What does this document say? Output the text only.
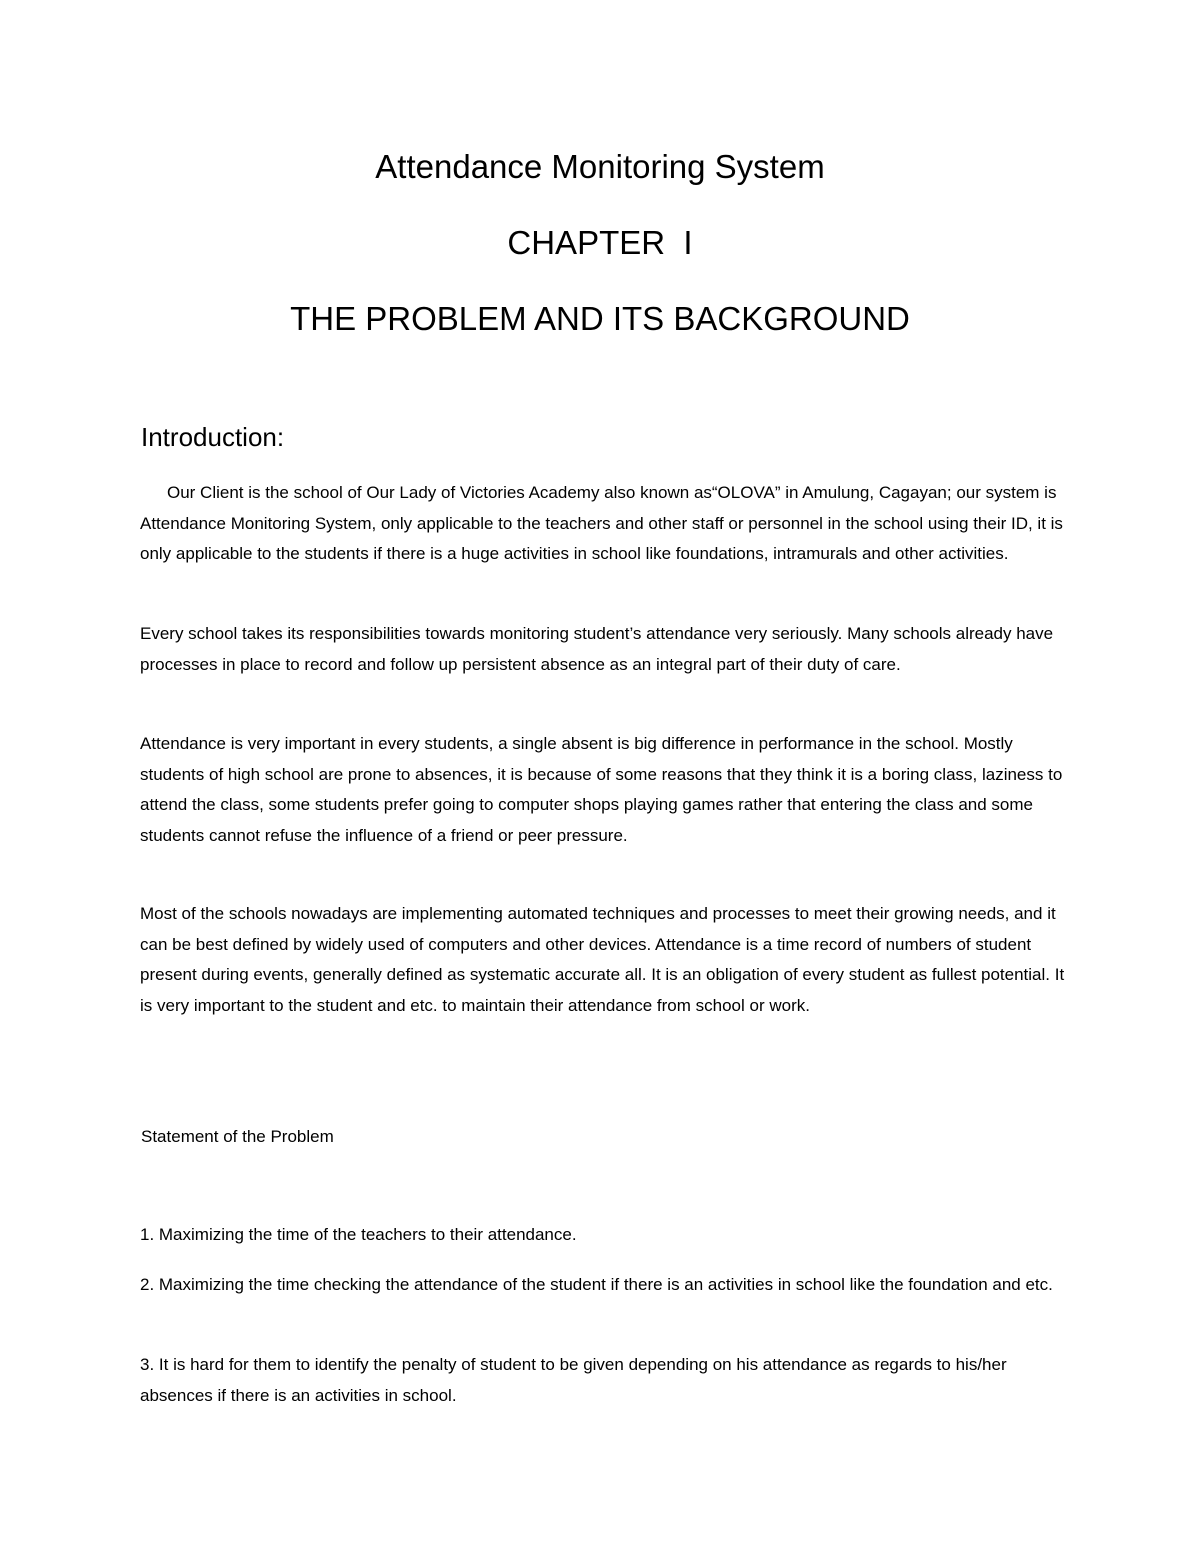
Attendance Monitoring System
CHAPTER  I
THE PROBLEM AND ITS BACKGROUND
Introduction:

Our Client is the school of Our Lady of Victories Academy also known as“OLOVA” in Amulung, Cagayan; our system is Attendance Monitoring System, only applicable to the teachers and other staff or personnel in the school using their ID, it is only applicable to the students if there is a huge activities in school like foundations, intramurals and other activities.

Every school takes its responsibilities towards monitoring student’s attendance very seriously. Many schools already have processes in place to record and follow up persistent absence as an integral part of their duty of care.

Attendance is very important in every students, a single absent is big difference in performance in the school. Mostly students of high school are prone to absences, it is because of some reasons that they think it is a boring class, laziness to attend the class, some students prefer going to computer shops playing games rather that entering the class and some students cannot refuse the influence of a friend or peer pressure.

Most of the schools nowadays are implementing automated techniques and processes to meet their growing needs, and it can be best defined by widely used of computers and other devices. Attendance is a time record of numbers of student present during events, generally defined as systematic accurate all. It is an obligation of every student as fullest potential. It is very important to the student and etc. to maintain their attendance from school or work.

Statement of the Problem

1. Maximizing the time of the teachers to their attendance.

2. Maximizing the time checking the attendance of the student if there is an activities in school like the foundation and etc.

3. It is hard for them to identify the penalty of student to be given depending on his attendance as regards to his/her absences if there is an activities in school.
